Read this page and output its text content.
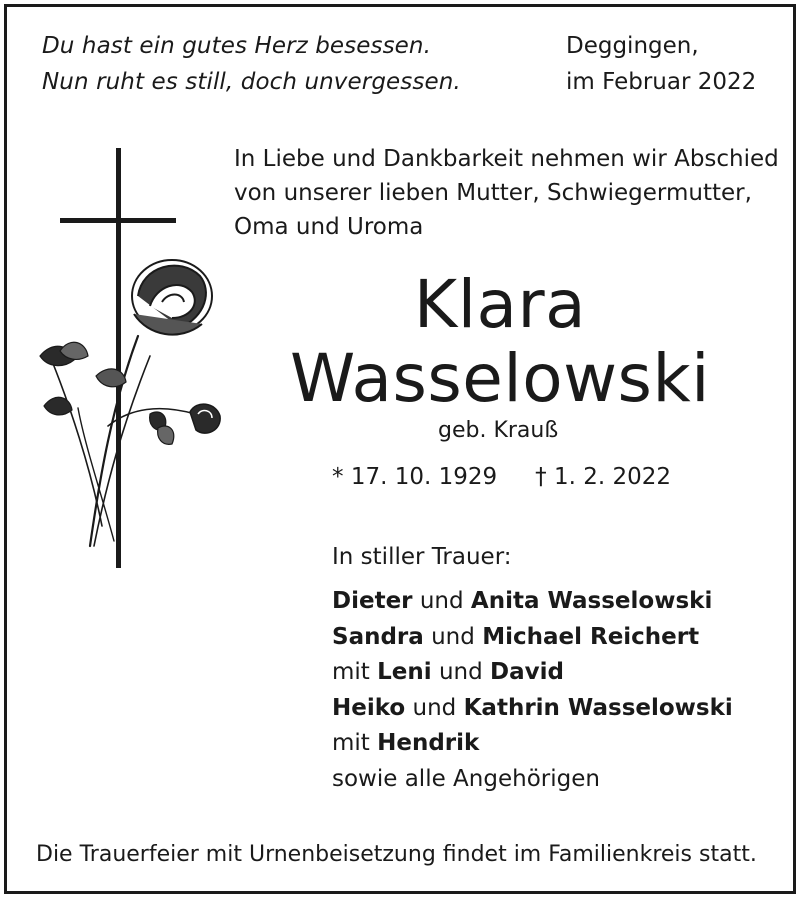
Du hast ein gutes Herz besessen.
Nun ruht es still, doch unvergessen.
Deggingen,
im Februar 2022
In Liebe und Dankbarkeit nehmen wir Abschied
von unserer lieben Mutter, Schwiegermutter,
Oma und Uroma
Klara
Wasselowski
geb. Krauß
* 17. 10. 1929 † 1. 2. 2022
In stiller Trauer:
Dieter und Anita Wasselowski
Sandra und Michael Reichert
mit Leni und David
Heiko und Kathrin Wasselowski
mit Hendrik
sowie alle Angehörigen
Die Trauerfeier mit Urnenbeisetzung findet im Familienkreis statt.
